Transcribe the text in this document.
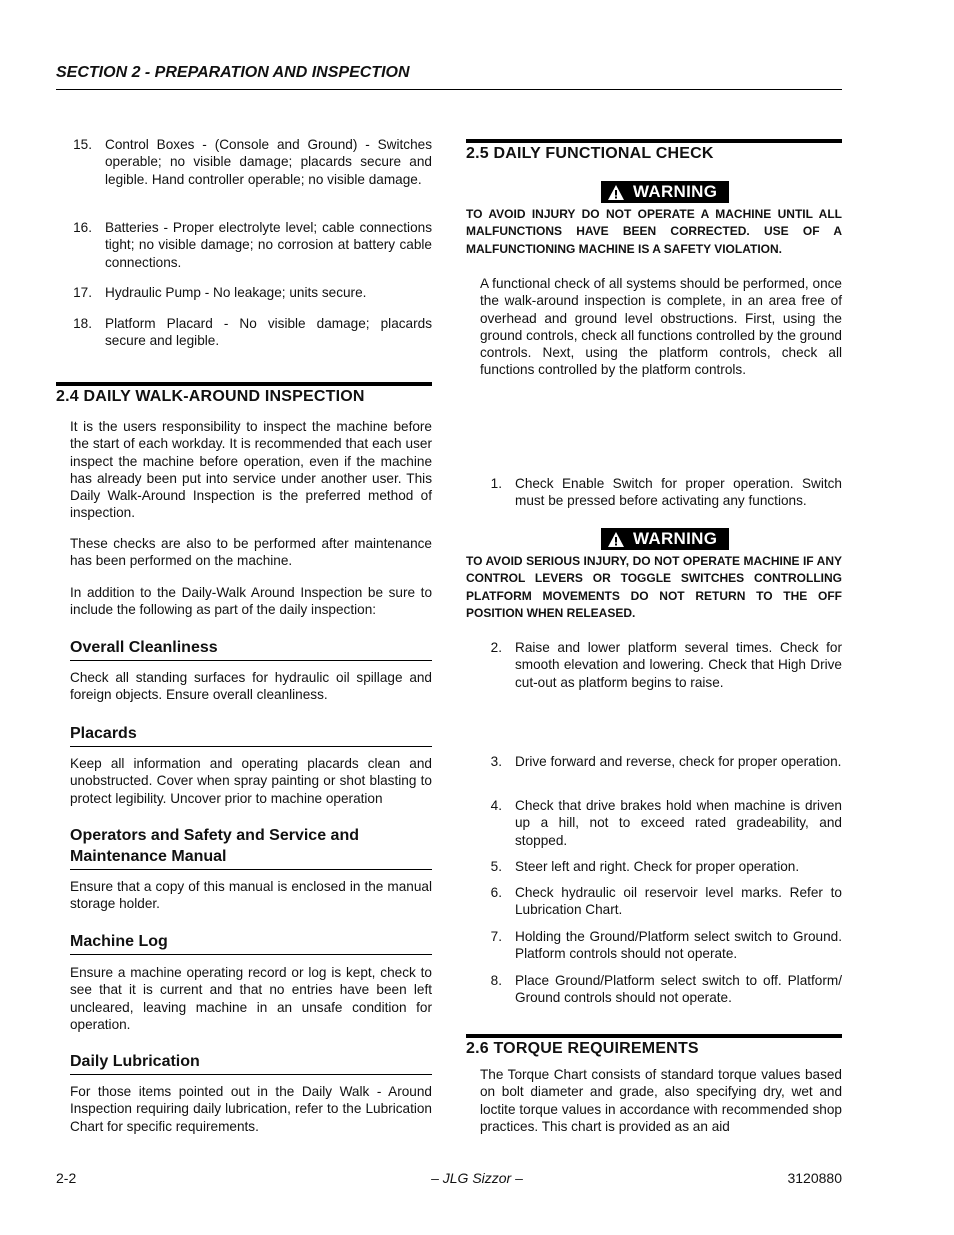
SECTION 2 - PREPARATION AND INSPECTION
15. Control Boxes - (Console and Ground) - Switches operable; no visible damage; placards secure and legible. Hand controller operable; no visible damage.
16. Batteries - Proper electrolyte level; cable connections tight; no visible damage; no corrosion at battery cable connections.
17. Hydraulic Pump - No leakage; units secure.
18. Platform Placard - No visible damage; placards secure and legible.
2.4 DAILY WALK-AROUND INSPECTION

It is the users responsibility to inspect the machine before the start of each workday. It is recommended that each user inspect the machine before operation, even if the machine has already been put into service under another user. This Daily Walk-Around Inspection is the preferred method of inspection.

These checks are also to be performed after maintenance has been performed on the machine.

In addition to the Daily-Walk Around Inspection be sure to include the following as part of the daily inspection:

Overall Cleanliness

Check all standing surfaces for hydraulic oil spillage and foreign objects. Ensure overall cleanliness.

Placards

Keep all information and operating placards clean and unobstructed. Cover when spray painting or shot blasting to protect legibility. Uncover prior to machine operation

Operators and Safety and Service and Maintenance Manual

Ensure that a copy of this manual is enclosed in the manual storage holder.

Machine Log

Ensure a machine operating record or log is kept, check to see that it is current and that no entries have been left uncleared, leaving machine in an unsafe condition for operation.

Daily Lubrication

For those items pointed out in the Daily Walk - Around Inspection requiring daily lubrication, refer to the Lubrication Chart for specific requirements.

2.5 DAILY FUNCTIONAL CHECK
WARNING

TO AVOID INJURY DO NOT OPERATE A MACHINE UNTIL ALL MALFUNCTIONS HAVE BEEN CORRECTED. USE OF A MALFUNCTIONING MACHINE IS A SAFETY VIOLATION.

A functional check of all systems should be performed, once the walk-around inspection is complete, in an area free of overhead and ground level obstructions. First, using the ground controls, check all functions controlled by the ground controls. Next, using the platform controls, check all functions controlled by the platform controls.

1. Check Enable Switch for proper operation. Switch must be pressed before activating any functions.
WARNING

TO AVOID SERIOUS INJURY, DO NOT OPERATE MACHINE IF ANY CONTROL LEVERS OR TOGGLE SWITCHES CONTROLLING PLATFORM MOVEMENTS DO NOT RETURN TO THE OFF POSITION WHEN RELEASED.

2. Raise and lower platform several times. Check for smooth elevation and lowering. Check that High Drive cut-out as platform begins to raise.
3. Drive forward and reverse, check for proper operation.
4. Check that drive brakes hold when machine is driven up a hill, not to exceed rated gradeability, and stopped.
5. Steer left and right. Check for proper operation.
6. Check hydraulic oil reservoir level marks. Refer to Lubrication Chart.
7. Holding the Ground/Platform select switch to Ground. Platform controls should not operate.
8. Place Ground/Platform select switch to off. Platform/ Ground controls should not operate.
2.6 TORQUE REQUIREMENTS

The Torque Chart consists of standard torque values based on bolt diameter and grade, also specifying dry, wet and loctite torque values in accordance with recommended shop practices. This chart is provided as an aid

2-2	– JLG Sizzor –	3120880
